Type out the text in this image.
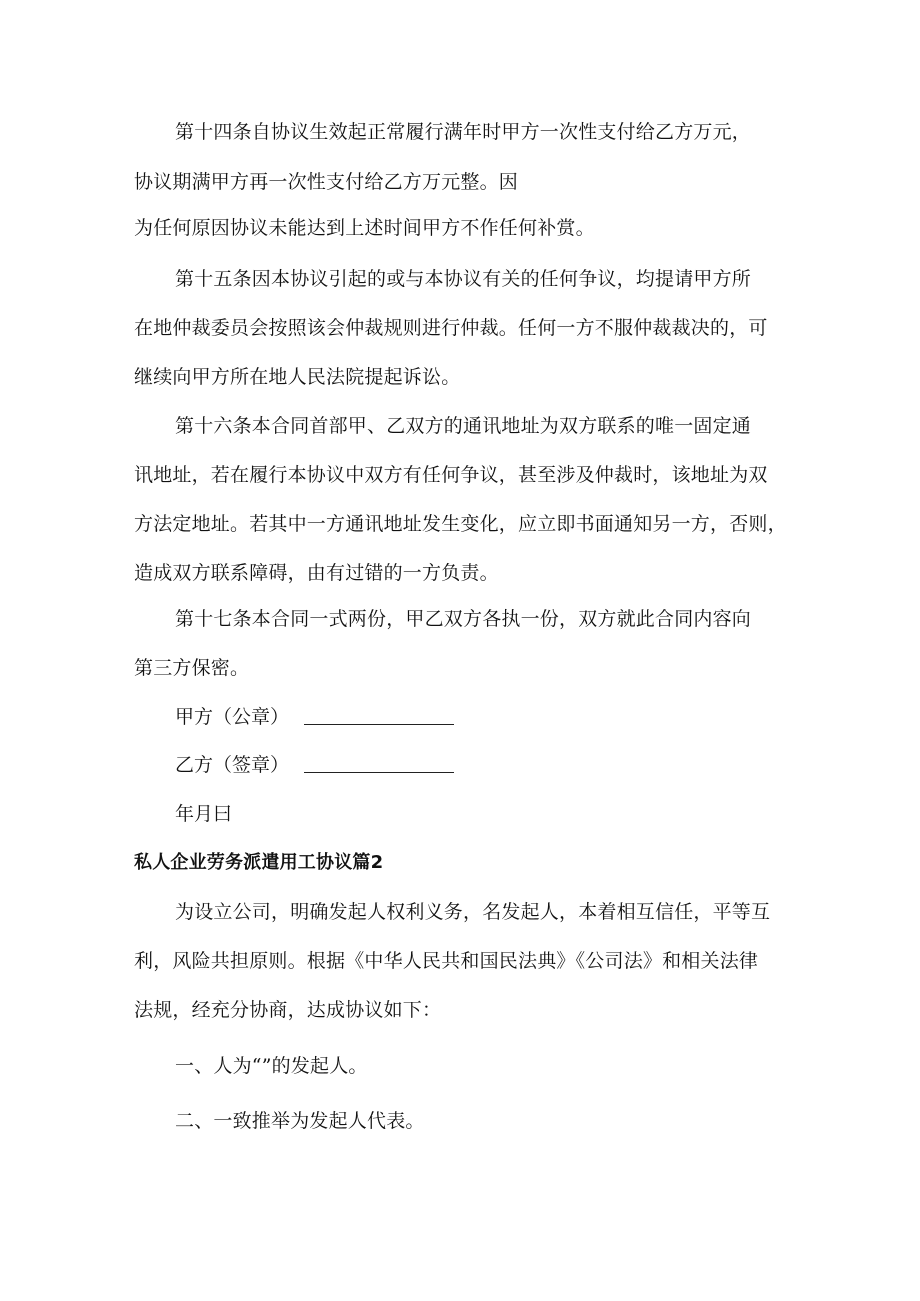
第十四条自协议生效起正常履行满年时甲方一次性支付给乙方万元，
协议期满甲方再一次性支付给乙方万元整。因
为任何原因协议未能达到上述时间甲方不作任何补赏。
第十五条因本协议引起的或与本协议有关的任何争议，均提请甲方所
在地仲裁委员会按照该会仲裁规则进行仲裁。任何一方不服仲裁裁决的，可
继续向甲方所在地人民法院提起诉讼。
第十六条本合同首部甲、乙双方的通讯地址为双方联系的唯一固定通
讯地址，若在履行本协议中双方有任何争议，甚至涉及仲裁时，该地址为双
方法定地址。若其中一方通讯地址发生变化，应立即书面通知另一方，否则，
造成双方联系障碍，由有过错的一方负责。
第十七条本合同一式两份，甲乙双方各执一份，双方就此合同内容向
第三方保密。
甲方（公章）
乙方（签章）
年月曰
私人企业劳务派遣用工协议篇2
为设立公司，明确发起人权利义务，名发起人，本着相互信任，平等互
利，风险共担原则。根据《中华人民共和国民法典》《公司法》和相关法律
法规，经充分协商，达成协议如下：
一、人为“”的发起人。
二、一致推举为发起人代表。
